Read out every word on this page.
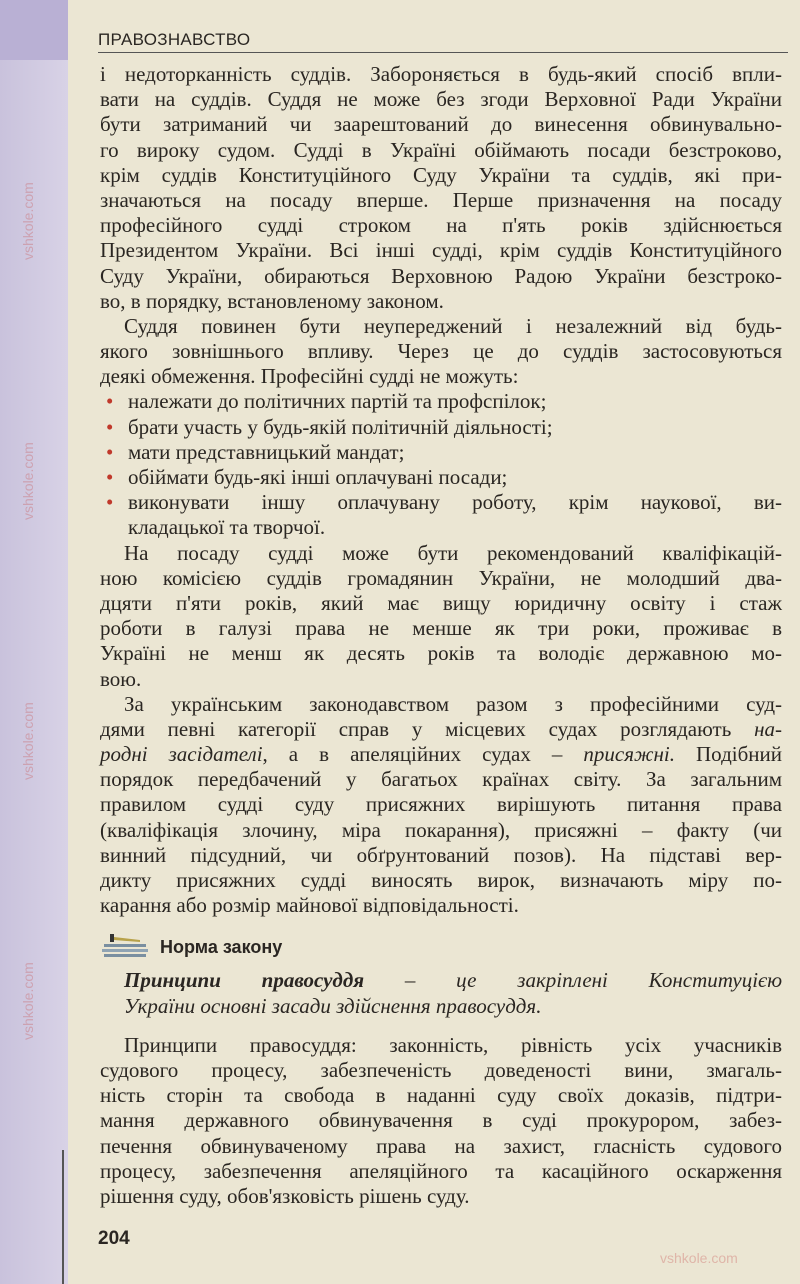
ПРАВОЗНАВСТВО
і недоторканність суддів. Забороняється в будь-який спосіб впли-
вати на суддів. Суддя не може без згоди Верховної Ради України
бути затриманий чи заарештований до винесення обвинувально-
го вироку судом. Судді в Україні обіймають посади безстроково,
крім суддів Конституційного Суду України та суддів, які при-
значаються на посаду вперше. Перше призначення на посаду
професійного судді строком на п'ять років здійснюється
Президентом України. Всі інші судді, крім суддів Конституційного
Суду України, обираються Верховною Радою України безстроко-
во, в порядку, встановленому законом.
Суддя повинен бути неупереджений і незалежний від будь-
якого зовнішнього впливу. Через це до суддів застосовуються
деякі обмеження. Професійні судді не можуть:
• належати до політичних партій та профспілок;
• брати участь у будь-якій політичній діяльності;
• мати представницький мандат;
• обіймати будь-які інші оплачувані посади;
• виконувати іншу оплачувану роботу, крім наукової, ви-
кладацької та творчої.
На посаду судді може бути рекомендований кваліфікацій-
ною комісією суддів громадянин України, не молодший два-
дцяти п'яти років, який має вищу юридичну освіту і стаж
роботи в галузі права не менше як три роки, проживає в
Україні не менш як десять років та володіє державною мо-
вою.
За українським законодавством разом з професійними суд-
дями певні категорії справ у місцевих судах розглядають на-
родні засідателі, а в апеляційних судах – присяжні. Подібний
порядок передбачений у багатьох країнах світу. За загальним
правилом судді суду присяжних вирішують питання права
(кваліфікація злочину, міра покарання), присяжні – факту (чи
винний підсудний, чи обґрунтований позов). На підставі вер-
дикту присяжних судді виносять вирок, визначають міру по-
карання або розмір майнової відповідальності.
Норма закону
Принципи правосуддя – це закріплені Конституцією
України основні засади здійснення правосуддя.
Принципи правосуддя: законність, рівність усіх учасників
судового процесу, забезпеченість доведеності вини, змагаль-
ність сторін та свобода в наданні суду своїх доказів, підтри-
мання державного обвинувачення в суді прокурором, забез-
печення обвинуваченому права на захист, гласність судового
процесу, забезпечення апеляційного та касаційного оскарження
рішення суду, обов'язковість рішень суду.
204
vshkole.com
vshkole.com
vshkole.com
vshkole.com
vshkole.com
